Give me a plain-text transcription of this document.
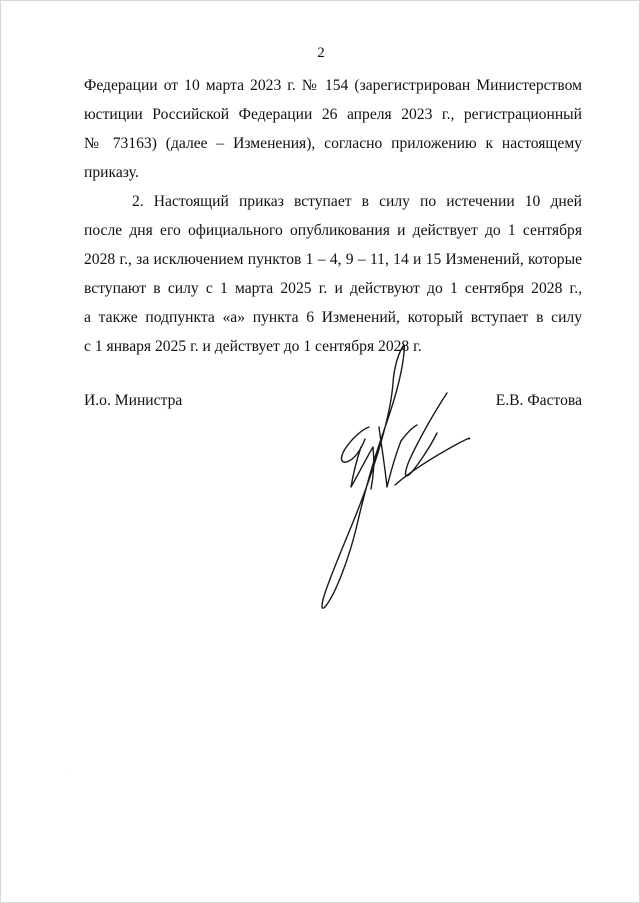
2
Федерации от 10 марта 2023 г. № 154 (зарегистрирован Министерством
юстиции Российской Федерации 26 апреля 2023 г., регистрационный
№ 73163) (далее – Изменения), согласно приложению к настоящему
приказу.
2. Настоящий приказ вступает в силу по истечении 10 дней
после дня его официального опубликования и действует до 1 сентября
2028 г., за исключением пунктов 1 – 4, 9 – 11, 14 и 15 Изменений, которые
вступают в силу с 1 марта 2025 г. и действуют до 1 сентября 2028 г.,
а также подпункта «а» пункта 6 Изменений, который вступает в силу
с 1 января 2025 г. и действует до 1 сентября 2028 г.
И.о. Министра	Е.В. Фастова
